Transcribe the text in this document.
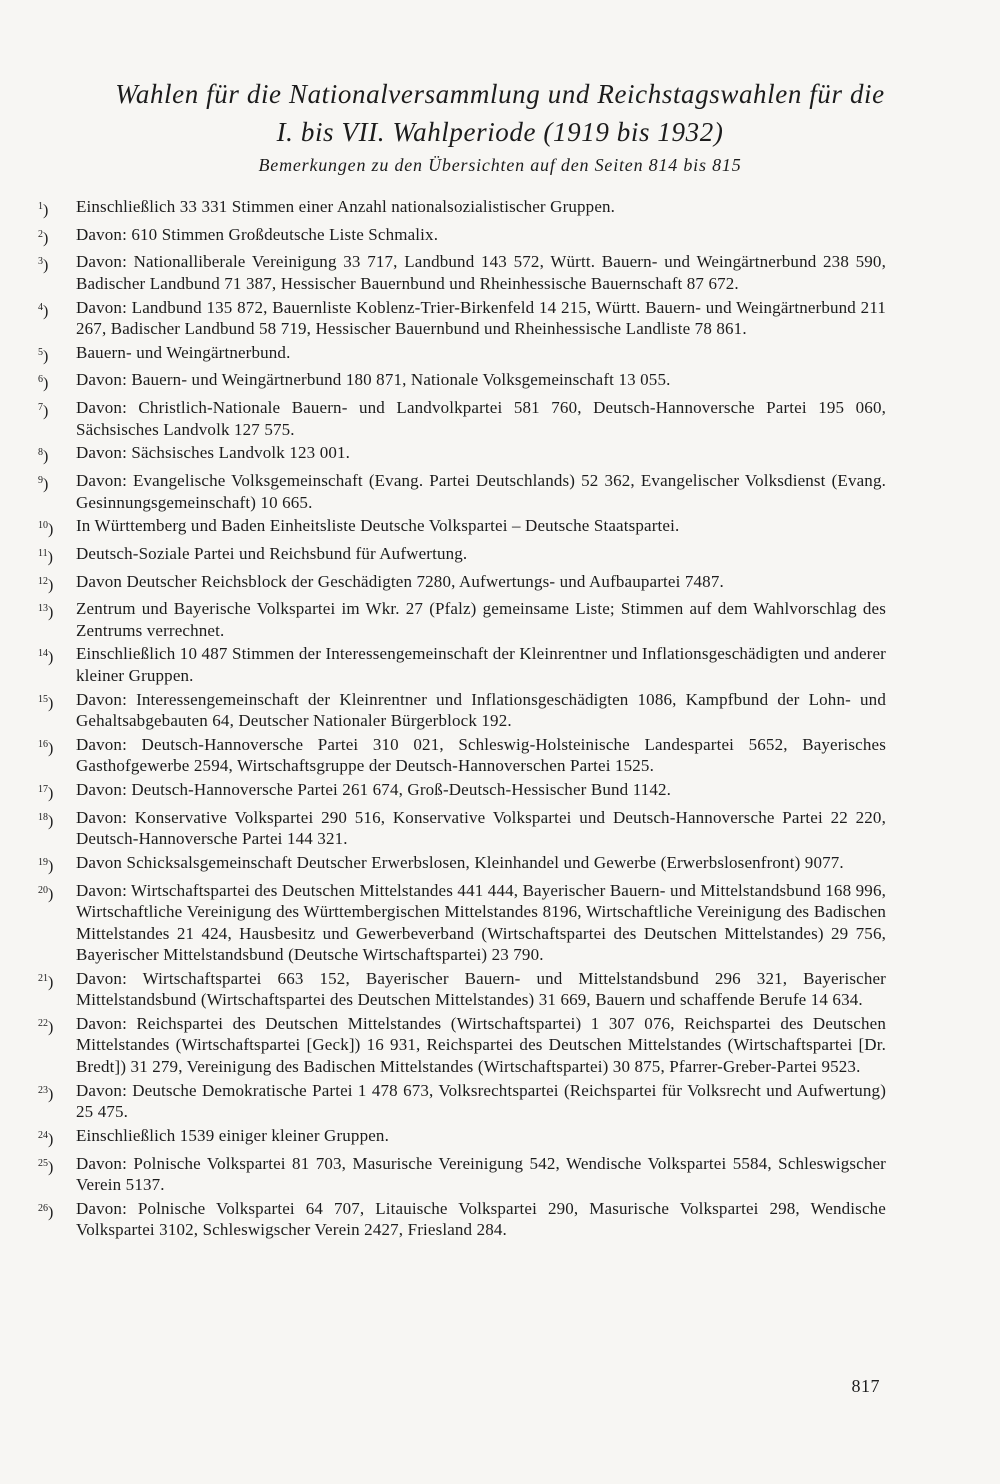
Wahlen für die Nationalversammlung und Reichstagswahlen für die
I. bis VII. Wahlperiode (1919 bis 1932)

Bemerkungen zu den Übersichten auf den Seiten 814 bis 815

$^1$)	Einschließlich 33 331 Stimmen einer Anzahl nationalsozialistischer Gruppen.
$^2$)	Davon: 610 Stimmen Großdeutsche Liste Schmalix.
$^3$)	Davon: Nationalliberale Vereinigung 33 717, Landbund 143 572, Württ. Bauern- und Weingärtnerbund 238 590, Badischer Landbund 71 387, Hessischer Bauernbund und Rheinhessische Bauernschaft 87 672.
$^4$)	Davon: Landbund 135 872, Bauernliste Koblenz-Trier-Birkenfeld 14 215, Württ. Bauern- und Weingärtnerbund 211 267, Badischer Landbund 58 719, Hessischer Bauernbund und Rheinhessische Landliste 78 861.
$^5$)	Bauern- und Weingärtnerbund.
$^6$)	Davon: Bauern- und Weingärtnerbund 180 871, Nationale Volksgemeinschaft 13 055.
$^7$)	Davon: Christlich-Nationale Bauern- und Landvolkpartei 581 760, Deutsch-Hannoversche Partei 195 060, Sächsisches Landvolk 127 575.
$^8$)	Davon: Sächsisches Landvolk 123 001.
$^9$)	Davon: Evangelische Volksgemeinschaft (Evang. Partei Deutschlands) 52 362, Evangelischer Volksdienst (Evang. Gesinnungsgemeinschaft) 10 665.
$^{10}$)	In Württemberg und Baden Einheitsliste Deutsche Volkspartei – Deutsche Staatspartei.
$^{11}$)	Deutsch-Soziale Partei und Reichsbund für Aufwertung.
$^{12}$)	Davon Deutscher Reichsblock der Geschädigten 7280, Aufwertungs- und Aufbaupartei 7487.
$^{13}$)	Zentrum und Bayerische Volkspartei im Wkr. 27 (Pfalz) gemeinsame Liste; Stimmen auf dem Wahlvorschlag des Zentrums verrechnet.
$^{14}$)	Einschließlich 10 487 Stimmen der Interessengemeinschaft der Kleinrentner und Inflationsgeschädigten und anderer kleiner Gruppen.
$^{15}$)	Davon: Interessengemeinschaft der Kleinrentner und Inflationsgeschädigten 1086, Kampfbund der Lohn- und Gehaltsabgebauten 64, Deutscher Nationaler Bürgerblock 192.
$^{16}$)	Davon: Deutsch-Hannoversche Partei 310 021, Schleswig-Holsteinische Landespartei 5652, Bayerisches Gasthofgewerbe 2594, Wirtschaftsgruppe der Deutsch-Hannoverschen Partei 1525.
$^{17}$)	Davon: Deutsch-Hannoversche Partei 261 674, Groß-Deutsch-Hessischer Bund 1142.
$^{18}$)	Davon: Konservative Volkspartei 290 516, Konservative Volkspartei und Deutsch-Hannoversche Partei 22 220, Deutsch-Hannoversche Partei 144 321.
$^{19}$)	Davon Schicksalsgemeinschaft Deutscher Erwerbslosen, Kleinhandel und Gewerbe (Erwerbslosenfront) 9077.
$^{20}$)	Davon: Wirtschaftspartei des Deutschen Mittelstandes 441 444, Bayerischer Bauern- und Mittelstandsbund 168 996, Wirtschaftliche Vereinigung des Württembergischen Mittelstandes 8196, Wirtschaftliche Vereinigung des Badischen Mittelstandes 21 424, Hausbesitz und Gewerbeverband (Wirtschaftspartei des Deutschen Mittelstandes) 29 756, Bayerischer Mittelstandsbund (Deutsche Wirtschaftspartei) 23 790.
$^{21}$)	Davon: Wirtschaftspartei 663 152, Bayerischer Bauern- und Mittelstandsbund 296 321, Bayerischer Mittelstandsbund (Wirtschaftspartei des Deutschen Mittelstandes) 31 669, Bauern und schaffende Berufe 14 634.
$^{22}$)	Davon: Reichspartei des Deutschen Mittelstandes (Wirtschaftspartei) 1 307 076, Reichspartei des Deutschen Mittelstandes (Wirtschaftspartei [Geck]) 16 931, Reichspartei des Deutschen Mittelstandes (Wirtschaftspartei [Dr. Bredt]) 31 279, Vereinigung des Badischen Mittelstandes (Wirtschaftspartei) 30 875, Pfarrer-Greber-Partei 9523.
$^{23}$)	Davon: Deutsche Demokratische Partei 1 478 673, Volksrechtspartei (Reichspartei für Volksrecht und Aufwertung) 25 475.
$^{24}$)	Einschließlich 1539 einiger kleiner Gruppen.
$^{25}$)	Davon: Polnische Volkspartei 81 703, Masurische Vereinigung 542, Wendische Volkspartei 5584, Schleswigscher Verein 5137.
$^{26}$)	Davon: Polnische Volkspartei 64 707, Litauische Volkspartei 290, Masurische Volkspartei 298, Wendische Volkspartei 3102, Schleswigscher Verein 2427, Friesland 284.
817
